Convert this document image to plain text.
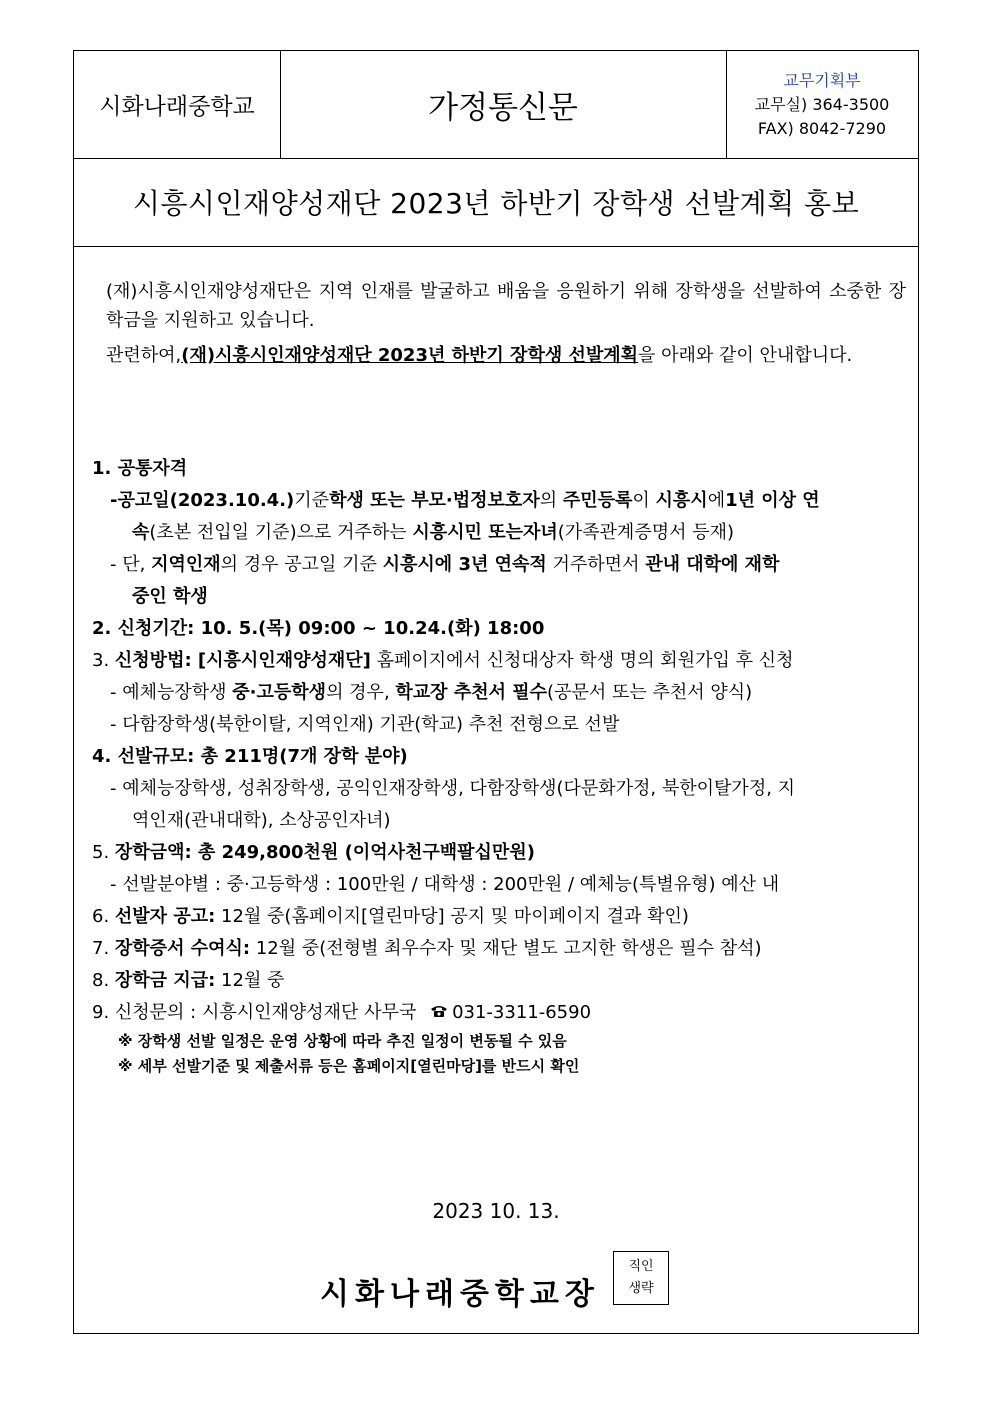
시화나래중학교	가정통신문
교무기획부
교무실) 364-3500
FAX) 8042-7290
시흥시인재양성재단 2023년 하반기 장학생 선발계획 홍보

(재)시흥시인재양성재단은 지역 인재를 발굴하고 배움을 응원하기 위해 장학생을 선발하여 소중한 장학금을 지원하고 있습니다.

관련하여,(재)시흥시인재양성재단 2023년 하반기 장학생 선발계획을 아래와 같이 안내합니다.

1. 공통자격
-공고일(2023.10.4.)기준학생 또는 부모·법정보호자의 주민등록이 시흥시에1년 이상 연
속(초본 전입일 기준)으로 거주하는 시흥시민 또는자녀(가족관계증명서 등재)
- 단, 지역인재의 경우 공고일 기준 시흥시에 3년 연속적 거주하면서 관내 대학에 재학
중인 학생
2. 신청기간: 10. 5.(목) 09:00 ~ 10.24.(화) 18:00
3. 신청방법: [시흥시인재양성재단] 홈페이지에서 신청대상자 학생 명의 회원가입 후 신청
- 예체능장학생 중·고등학생의 경우, 학교장 추천서 필수(공문서 또는 추천서 양식)
- 다함장학생(북한이탈, 지역인재) 기관(학교) 추천 전형으로 선발
4. 선발규모: 총 211명(7개 장학 분야)
- 예체능장학생, 성취장학생, 공익인재장학생, 다함장학생(다문화가정, 북한이탈가정, 지
역인재(관내대학), 소상공인자녀)
5. 장학금액: 총 249,800천원 (이억사천구백팔십만원)
- 선발분야별 : 중·고등학생 : 100만원 / 대학생 : 200만원 / 예체능(특별유형) 예산 내
6. 선발자 공고: 12월 중(홈페이지[열린마당] 공지 및 마이페이지 결과 확인)
7. 장학증서 수여식: 12월 중(전형별 최우수자 및 재단 별도 고지한 학생은 필수 참석)
8. 장학금 지급: 12월 중
9. 신청문의 : 시흥시인재양성재단 사무국 031-3311-6590
※ 장학생 선발 일정은 운영 상황에 따라 추진 일정이 변동될 수 있음
※ 세부 선발기준 및 제출서류 등은 홈페이지[열린마당]를 반드시 확인
2023 10. 13.
시화나래중학교장
직인
생략
